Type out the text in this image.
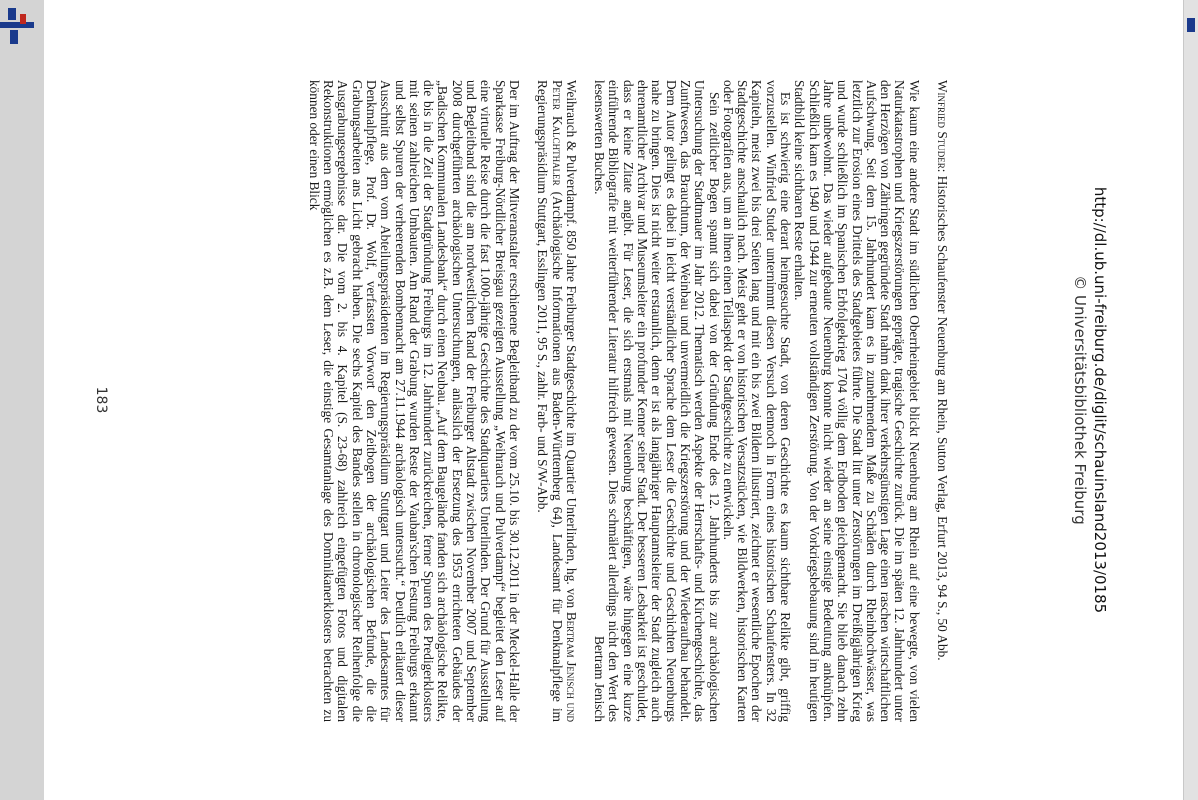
http://dl.ub.uni-freiburg.de/diglit/schauinsland2013/0185
© Universitätsbibliothek Freiburg

Winfried Studer: Historisches Schaufenster Neuenburg am Rhein, Sutton Verlag, Erfurt 2013, 94 S., 50 Abb.

Wie kaum eine andere Stadt im südlichen Oberrheingebiet blickt Neuenburg am Rhein auf eine bewegte, von vielen Naturkatastrophen und Kriegszerstörungen geprägte, tragische Geschichte zurück. Die im späten 12. Jahrhundert unter den Herzögen von Zähringen gegründete Stadt nahm dank ihrer verkehrsgünstigen Lage einen raschen wirtschaftlichen Aufschwung. Seit dem 15. Jahrhundert kam es in zunehmendem Maße zu Schäden durch Rheinhochwässer, was letztlich zur Erosion eines Drittels des Stadtgebietes führte. Die Stadt litt unter Zerstörungen im Dreißigjährigen Krieg und wurde schließlich im Spanischen Erbfolgekrieg 1704 völlig dem Erdboden gleichgemacht. Sie blieb danach zehn Jahre unbewohnt. Das wieder aufgebaute Neuenburg konnte nicht wieder an seine einstige Bedeutung anknüpfen. Schließlich kam es 1940 und 1944 zur erneuten vollständigen Zerstörung. Von der Vorkriegsbebauung sind im heutigen Stadtbild keine sichtbaren Reste erhalten.

Es ist schwierig eine derart heimgesuchte Stadt, von deren Geschichte es kaum sichtbare Relikte gibt, griffig vorzustellen. Winfried Studer unternimmt diesen Versuch dennoch in Form eines historischen Schaufensters. In 32 Kapiteln, meist zwei bis drei Seiten lang und mit ein bis zwei Bildern illustriert, zeichnet er wesentliche Epochen der Stadtgeschichte anschaulich nach. Meist geht er von historischen Versatzstücken, wie Bildwerken, historischen Karten oder Fotografien aus, um an ihnen einen Teilaspekt der Stadtgeschichte zu entwickeln.

Sein zeitlicher Bogen spannt sich dabei von der Gründung Ende des 12. Jahrhunderts bis zur archäologischen Untersuchung der Stadtmauer im Jahr 2012. Thematisch werden Aspekte der Herrschafts- und Kirchengeschichte, das Zunftwesen, das Brauchtum, der Weinbau und unvermeidlich die Kriegszerstörung und der Wiederaufbau behandelt. Dem Autor gelingt es dabei in leicht verständlicher Sprache dem Leser die Geschichte und Geschichten Neuenburgs nahe zu bringen. Dies ist nicht weiter erstaunlich, denn er ist als langjähriger Hauptamtsleiter der Stadt zugleich auch ehrenamtlicher Archivar und Museumsleiter ein profunder Kenner seiner Stadt. Der besseren Lesbarkeit ist geschuldet, dass er keine Zitate angibt. Für Leser, die sich erstmals mit Neuenburg beschäftigen, wäre hingegen eine kurze einführende Bibliografie mit weiterführender Literatur hilfreich gewesen. Dies schmälert allerdings nicht den Wert des lesenswerten Buches.
Bertram Jenisch

Weihrauch & Pulverdampf. 850 Jahre Freiburger Stadtgeschichte im Quartier Unterlinden, hg. von Bertram Jenisch und Peter Kalchthaler (Archäologische Informationen aus Baden-Württemberg 64), Landesamt für Denkmalpflege im Regierungspräsidium Stuttgart, Esslingen 2011, 95 S., zahlr. Farb- und S/W-Abb.

Der im Auftrag der Mitveranstalter erschienene Begleitband zu der vom 25.10. bis 30.12.2011 in der Meckel-Halle der Sparkasse Freiburg-Nördlicher Breisgau gezeigten Ausstellung „Weihrauch und Pulverdampf“ begleitet den Leser auf eine virtuelle Reise durch die fast 1.000-jährige Geschichte des Stadtquartiers Unterlinden. Der Grund für Ausstellung und Begleitband sind die am nordwestlichen Rand der Freiburger Altstadt zwischen November 2007 und September 2008 durchgeführten archäologischen Untersuchungen, anlässlich der Ersetzung des 1953 errichteten Gebäudes der „Badischen Kommunalen Landesbank“ durch einen Neubau. „Auf dem Baugelände fanden sich archäologische Relikte, die bis in die Zeit der Stadtgründung Freiburgs im 12. Jahrhundert zurückreichen, ferner Spuren des Predigerklosters mit seinen zahlreichen Umbauten. Am Rand der Grabung wurden Reste der Vauban'schen Festung Freiburgs erkannt und selbst Spuren der verheerenden Bombennacht am 27.11.1944 archäologisch untersucht.“ Deutlich erläutert dieser Ausschnitt aus dem vom Abteilungspräsidenten im Regierungspräsidium Stuttgart und Leiter des Landesamtes für Denkmalpflege, Prof. Dr. Wolf, verfassten Vorwort den Zeitbogen der archäologischen Befunde, die die Grabungsarbeiten ans Licht gebracht haben. Die sechs Kapitel des Bandes stellen in chronologischer Reihenfolge die Ausgrabungsergebnisse dar. Die vom 2. bis 4. Kapitel (S. 23-68) zahlreich eingefügten Fotos und digitalen Rekonstruktionen ermöglichen es z.B. dem Leser, die einstige Gesamtanlage des Dominikanerklosters betrachten zu können oder einen Blick

183
